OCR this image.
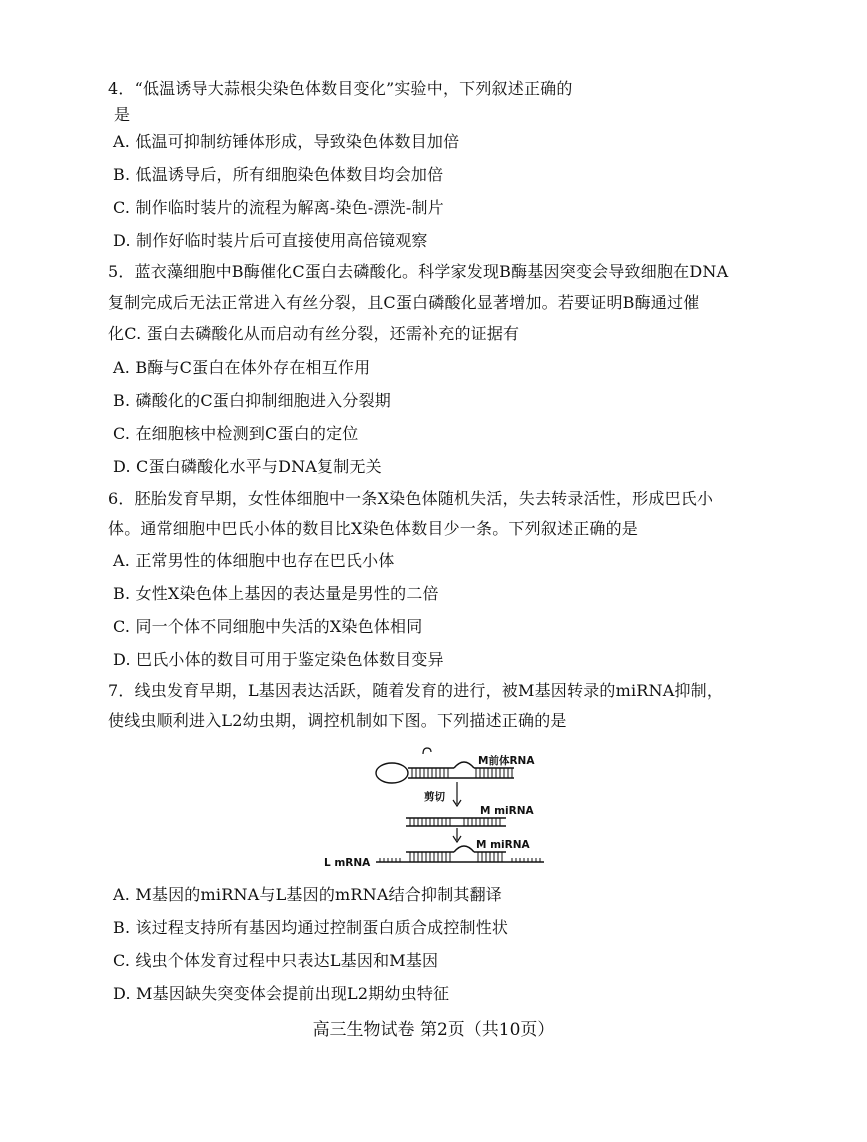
4．“低温诱导大蒜根尖染色体数目变化”实验中，下列叙述正确的
是
A. 低温可抑制纺锤体形成，导致染色体数目加倍
B. 低温诱导后，所有细胞染色体数目均会加倍
C. 制作临时装片的流程为解离-染色-漂洗-制片
D. 制作好临时装片后可直接使用高倍镜观察
5．蓝衣藻细胞中B酶催化C蛋白去磷酸化。科学家发现B酶基因突变会导致细胞在DNA
复制完成后无法正常进入有丝分裂，且C蛋白磷酸化显著增加。若要证明B酶通过催
化C. 蛋白去磷酸化从而启动有丝分裂，还需补充的证据有
A. B酶与C蛋白在体外存在相互作用
B. 磷酸化的C蛋白抑制细胞进入分裂期
C. 在细胞核中检测到C蛋白的定位
D. C蛋白磷酸化水平与DNA复制无关
6．胚胎发育早期，女性体细胞中一条X染色体随机失活，失去转录活性，形成巴氏小
体。通常细胞中巴氏小体的数目比X染色体数目少一条。下列叙述正确的是
A. 正常男性的体细胞中也存在巴氏小体
B. 女性X染色体上基因的表达量是男性的二倍
C. 同一个体不同细胞中失活的X染色体相同
D. 巴氏小体的数目可用于鉴定染色体数目变异
7．线虫发育早期，L基因表达活跃，随着发育的进行，被M基因转录的miRNA抑制，
使线虫顺利进入L2幼虫期，调控机制如下图。下列描述正确的是
M前体RNA
剪切
M miRNA
M miRNA
L mRNA
A. M基因的miRNA与L基因的mRNA结合抑制其翻译
B. 该过程支持所有基因均通过控制蛋白质合成控制性状
C. 线虫个体发育过程中只表达L基因和M基因
D. M基因缺失突变体会提前出现L2期幼虫特征
高三生物试卷 第2页（共10页）
